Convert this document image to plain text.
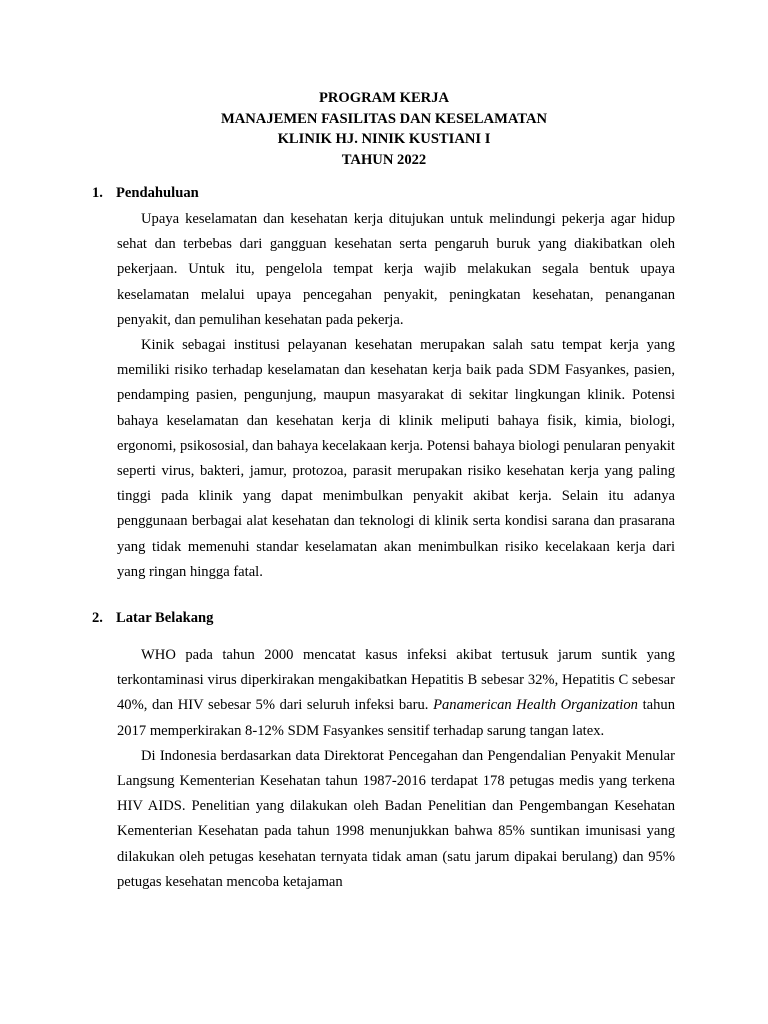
PROGRAM KERJA
MANAJEMEN FASILITAS DAN KESELAMATAN
KLINIK HJ. NINIK KUSTIANI I
TAHUN 2022
1. Pendahuluan

Upaya keselamatan dan kesehatan kerja ditujukan untuk melindungi pekerja agar hidup sehat dan terbebas dari gangguan kesehatan serta pengaruh buruk yang diakibatkan oleh pekerjaan. Untuk itu, pengelola tempat kerja wajib melakukan segala bentuk upaya keselamatan melalui upaya pencegahan penyakit, peningkatan kesehatan, penanganan penyakit, dan pemulihan kesehatan pada pekerja.

Kinik sebagai institusi pelayanan kesehatan merupakan salah satu tempat kerja yang memiliki risiko terhadap keselamatan dan kesehatan kerja baik pada SDM Fasyankes, pasien, pendamping pasien, pengunjung, maupun masyarakat di sekitar lingkungan klinik. Potensi bahaya keselamatan dan kesehatan kerja di klinik meliputi bahaya fisik, kimia, biologi, ergonomi, psikososial, dan bahaya kecelakaan kerja. Potensi bahaya biologi penularan penyakit seperti virus, bakteri, jamur, protozoa, parasit merupakan risiko kesehatan kerja yang paling tinggi pada klinik yang dapat menimbulkan penyakit akibat kerja. Selain itu adanya penggunaan berbagai alat kesehatan dan teknologi di klinik serta kondisi sarana dan prasarana yang tidak memenuhi standar keselamatan akan menimbulkan risiko kecelakaan kerja dari yang ringan hingga fatal.

2. Latar Belakang

WHO pada tahun 2000 mencatat kasus infeksi akibat tertusuk jarum suntik yang terkontaminasi virus diperkirakan mengakibatkan Hepatitis B sebesar 32%, Hepatitis C sebesar 40%, dan HIV sebesar 5% dari seluruh infeksi baru. Panamerican Health Organization tahun 2017 memperkirakan 8-12% SDM Fasyankes sensitif terhadap sarung tangan latex.

Di Indonesia berdasarkan data Direktorat Pencegahan dan Pengendalian Penyakit Menular Langsung Kementerian Kesehatan tahun 1987-2016 terdapat 178 petugas medis yang terkena HIV AIDS. Penelitian yang dilakukan oleh Badan Penelitian dan Pengembangan Kesehatan Kementerian Kesehatan pada tahun 1998 menunjukkan bahwa 85% suntikan imunisasi yang dilakukan oleh petugas kesehatan ternyata tidak aman (satu jarum dipakai berulang) dan 95% petugas kesehatan mencoba ketajaman
